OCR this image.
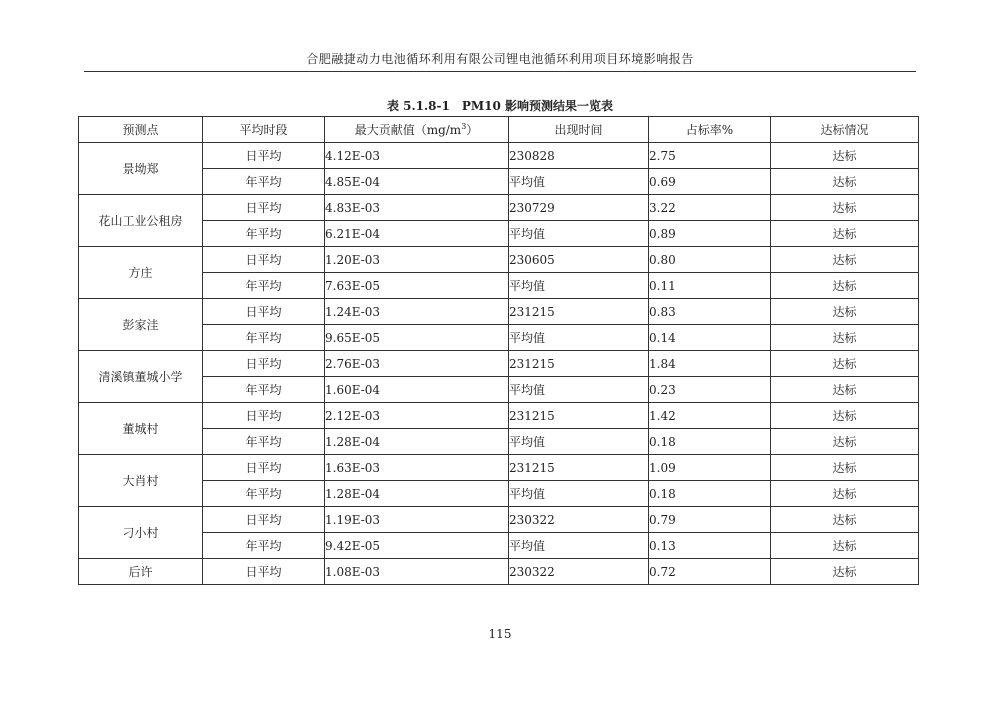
合肥融捷动力电池循环利用有限公司锂电池循环利用项目环境影响报告
表 5.1.8-1　PM10 影响预测结果一览表
预测点	平均时段	最大贡献值$(mg/m^3)$	出现时间	占标率%	达标情况
景坳郑	日平均	4.12E-03	230828	2.75	达标
	年平均	4.85E-04	平均值	0.69	达标
花山工业公租房	日平均	4.83E-03	230729	3.22	达标
	年平均	6.21E-04	平均值	0.89	达标
方庄	日平均	1.20E-03	230605	0.80	达标
	年平均	7.63E-05	平均值	0.11	达标
彭家洼	日平均	1.24E-03	231215	0.83	达标
	年平均	9.65E-05	平均值	0.14	达标
清溪镇董城小学	日平均	2.76E-03	231215	1.84	达标
	年平均	1.60E-04	平均值	0.23	达标
董城村	日平均	2.12E-03	231215	1.42	达标
	年平均	1.28E-04	平均值	0.18	达标
大肖村	日平均	1.63E-03	231215	1.09	达标
	年平均	1.28E-04	平均值	0.18	达标
刁小村	日平均	1.19E-03	230322	0.79	达标
	年平均	9.42E-05	平均值	0.13	达标
后许	日平均	1.08E-03	230322	0.72	达标
115
